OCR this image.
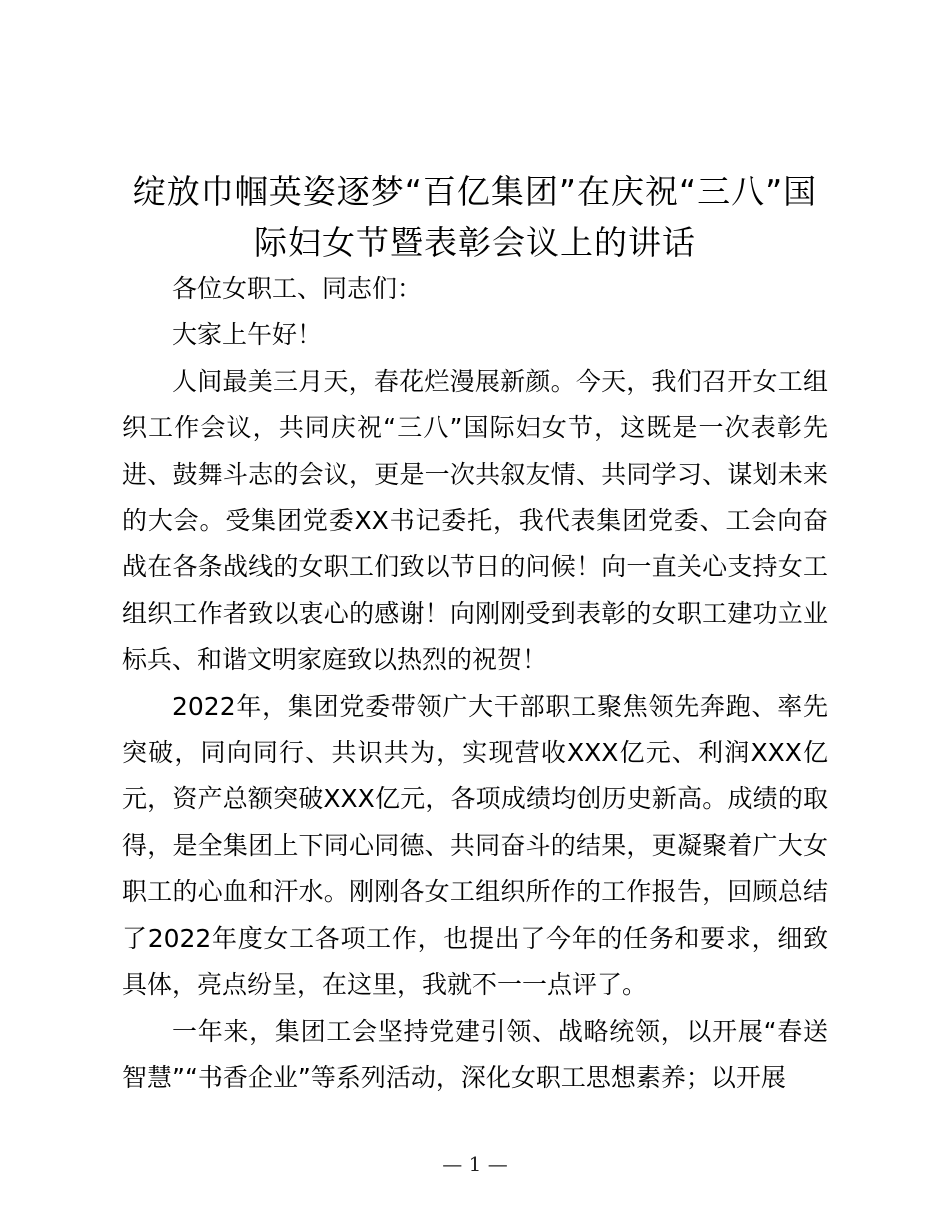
绽放巾帼英姿逐梦“百亿集团”在庆祝“三八”国际妇女节暨表彰会议上的讲话

各位女职工、同志们：

大家上午好！

人间最美三月天，春花烂漫展新颜。今天，我们召开女工组织工作会议，共同庆祝“三八”国际妇女节，这既是一次表彰先进、鼓舞斗志的会议，更是一次共叙友情、共同学习、谋划未来的大会。受集团党委XX书记委托，我代表集团党委、工会向奋战在各条战线的女职工们致以节日的问候！向一直关心支持女工组织工作者致以衷心的感谢！向刚刚受到表彰的女职工建功立业标兵、和谐文明家庭致以热烈的祝贺！

2022年，集团党委带领广大干部职工聚焦领先奔跑、率先突破，同向同行、共识共为，实现营收XXX亿元、利润XXX亿元，资产总额突破XXX亿元，各项成绩均创历史新高。成绩的取得，是全集团上下同心同德、共同奋斗的结果，更凝聚着广大女职工的心血和汗水。刚刚各女工组织所作的工作报告，回顾总结了2022年度女工各项工作，也提出了今年的任务和要求，细致具体，亮点纷呈，在这里，我就不一一点评了。

一年来，集团工会坚持党建引领、战略统领，以开展“春送智慧”“书香企业”等系列活动，深化女职工思想素养；以开展

— 1 —
